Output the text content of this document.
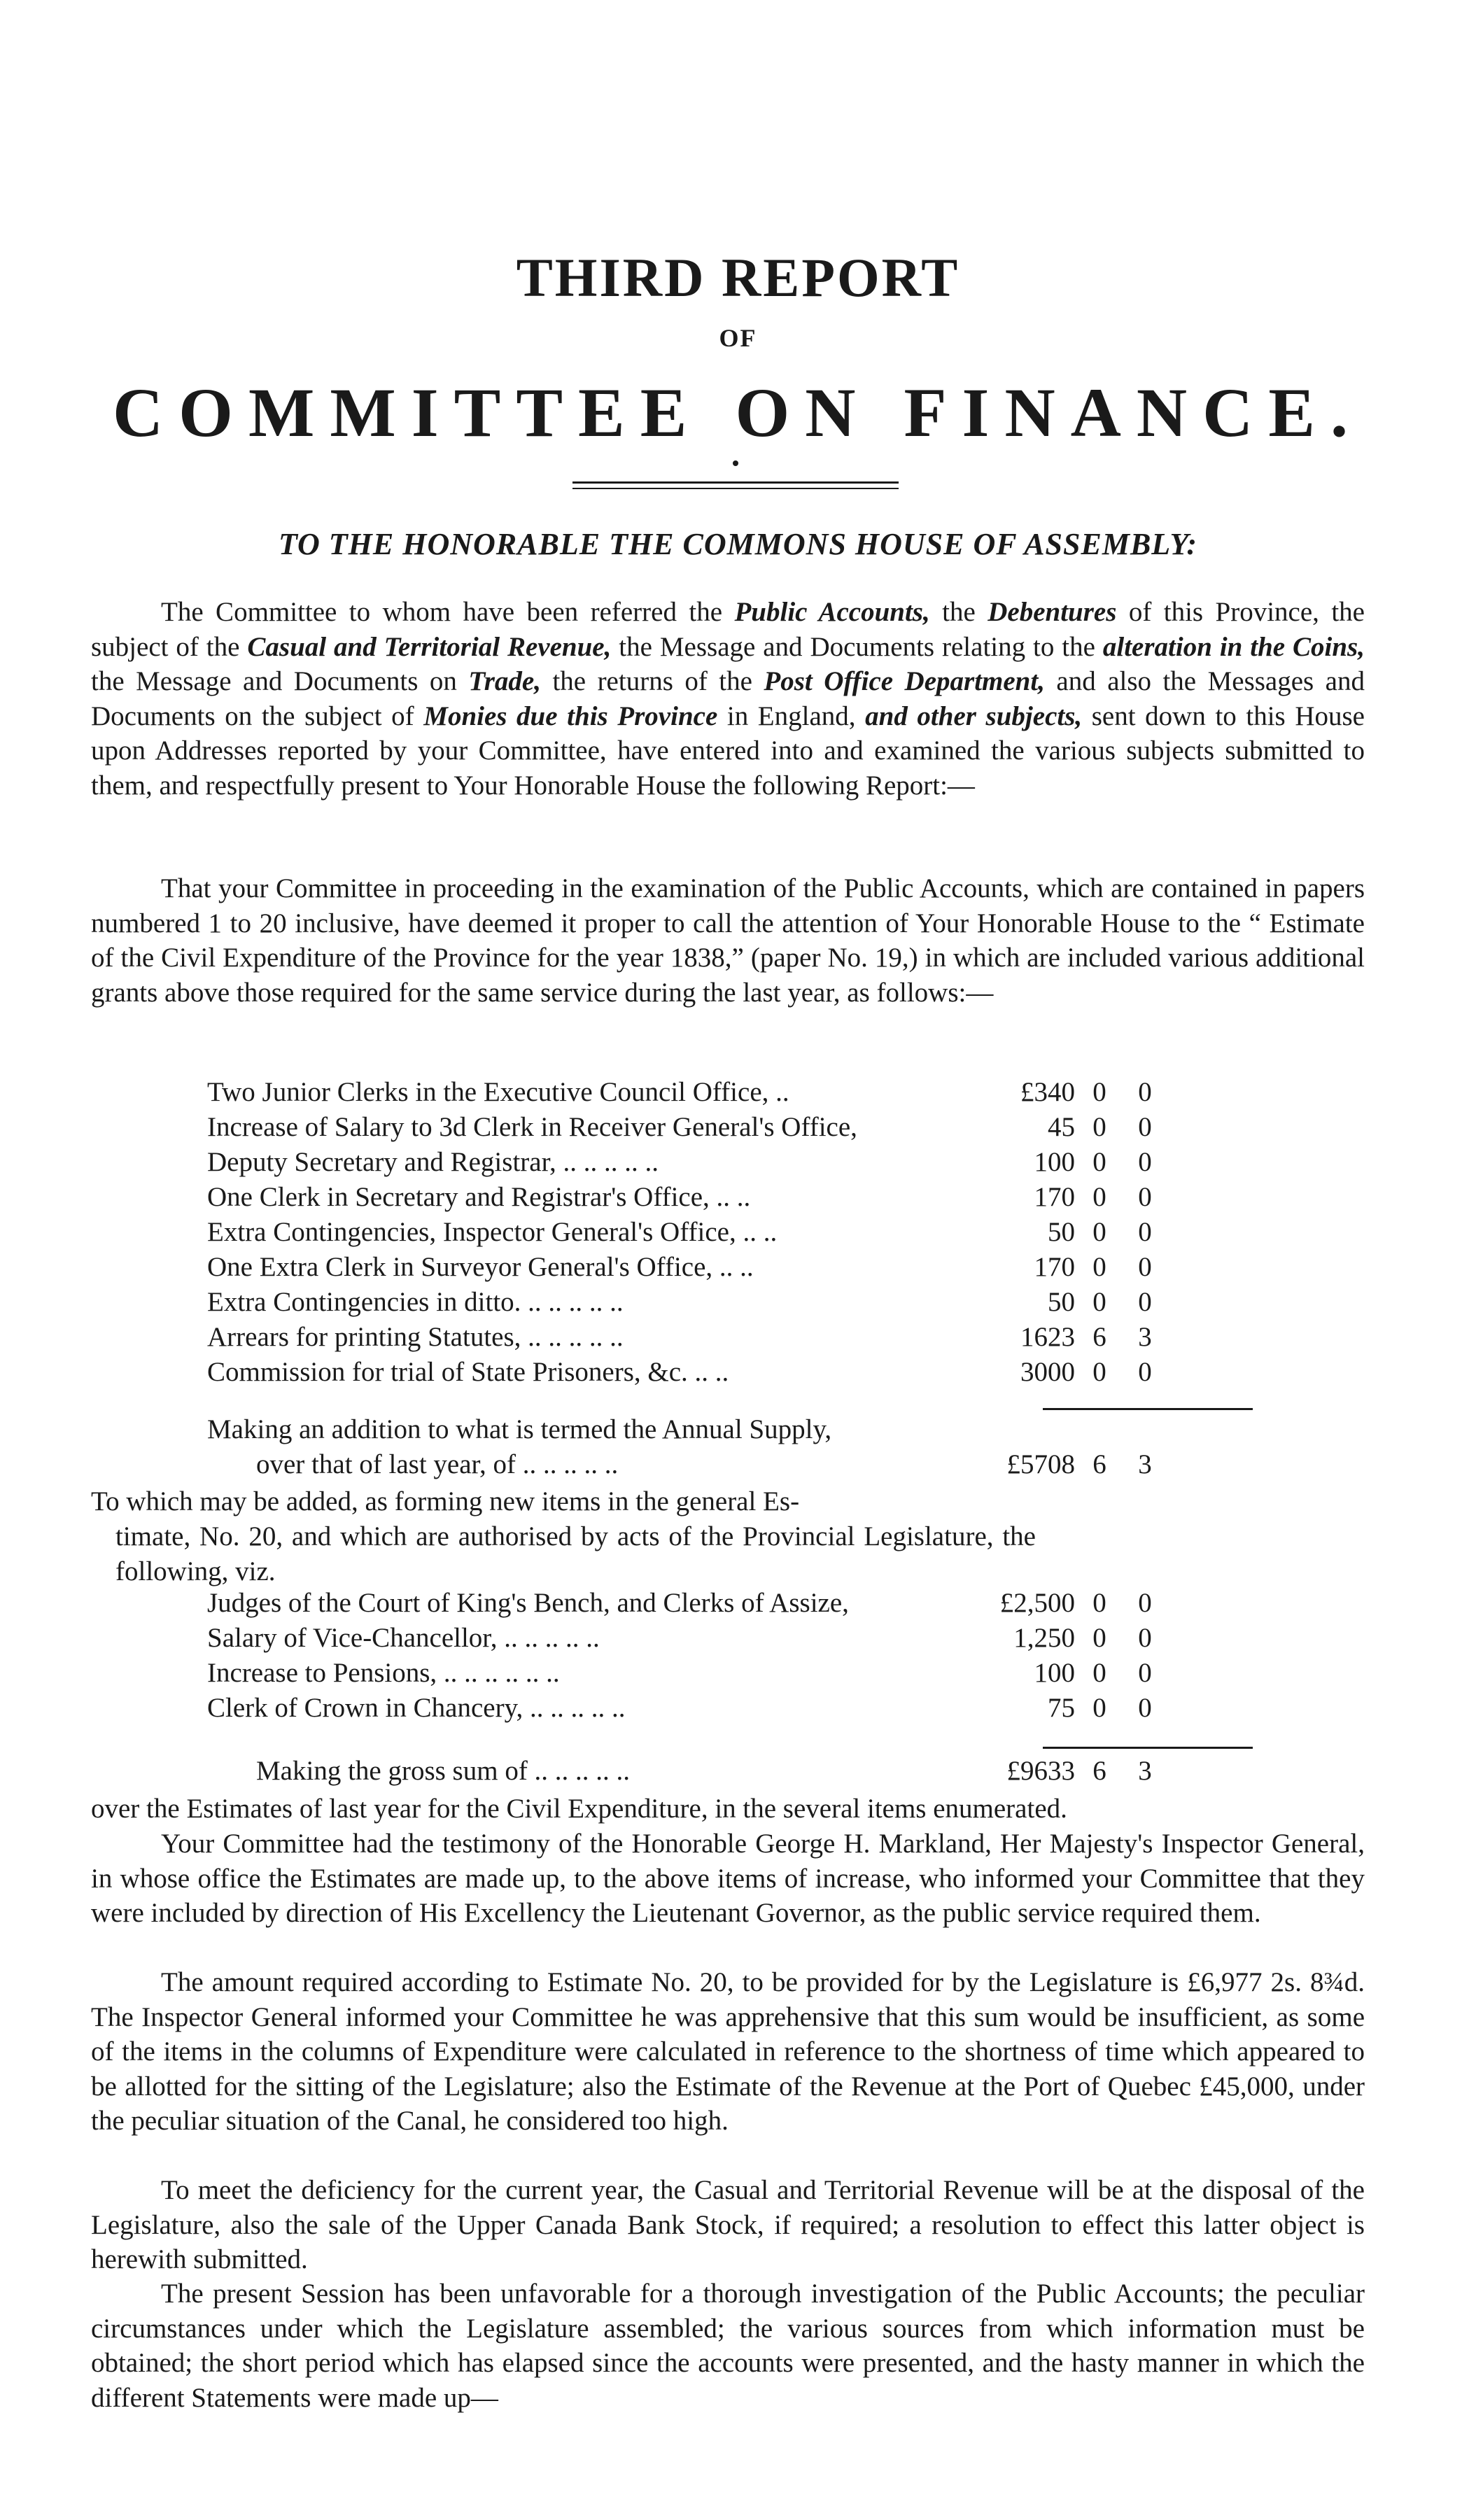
THIRD REPORT
OF
COMMITTEE ON FINANCE.
TO THE HONORABLE THE COMMONS HOUSE OF ASSEMBLY:
The Committee to whom have been referred the Public Accounts, the Debentures of this Province, the subject of the Casual and Territorial Revenue, the Message and Documents relating to the alteration in the Coins, the Message and Documents on Trade, the returns of the Post Office Department, and also the Messages and Documents on the subject of Monies due this Province in England, and other subjects, sent down to this House upon Addresses reported by your Committee, have entered into and examined the various subjects submitted to them, and respectfully present to Your Honorable House the following Report:—
That your Committee in proceeding in the examination of the Public Accounts, which are contained in papers numbered 1 to 20 inclusive, have deemed it proper to call the attention of Your Honorable House to the “ Estimate of the Civil Expenditure of the Province for the year 1838,” (paper No. 19,) in which are included various additional grants above those required for the same service during the last year, as follows:—
Two Junior Clerks in the Executive Council Office, ..	£340 0 0
Increase of Salary to 3d Clerk in Receiver General's Office,	45 0 0
Deputy Secretary and Registrar, .. .. .. .. ..	100 0 0
One Clerk in Secretary and Registrar's Office, .. ..	170 0 0
Extra Contingencies, Inspector General's Office, .. ..	50 0 0
One Extra Clerk in Surveyor General's Office, .. ..	170 0 0
Extra Contingencies in ditto. .. .. .. .. ..	50 0 0
Arrears for printing Statutes, .. .. .. .. ..	1623 6 3
Commission for trial of State Prisoners, &c. .. ..	3000 0 0
Making an addition to what is termed the Annual Supply,
over that of last year, of .. .. .. .. ..	£5708 6 3
To which may be added, as forming new items in the general Es-
timate, No. 20, and which are authorised by acts of the Provincial Legislature, the following, viz.
Judges of the Court of King's Bench, and Clerks of Assize,	£2,500 0 0
Salary of Vice-Chancellor, .. .. .. .. ..	1,250 0 0
Increase to Pensions, .. .. .. .. .. ..	100 0 0
Clerk of Crown in Chancery, .. .. .. .. ..	75 0 0
Making the gross sum of .. .. .. .. ..	£9633 6 3
over the Estimates of last year for the Civil Expenditure, in the several items enumerated.
Your Committee had the testimony of the Honorable George H. Markland, Her Majesty's Inspector General, in whose office the Estimates are made up, to the above items of increase, who informed your Committee that they were included by direction of His Excellency the Lieutenant Governor, as the public service required them.
The amount required according to Estimate No. 20, to be provided for by the Legislature is £6,977 2s. 8¾d. The Inspector General informed your Committee he was apprehensive that this sum would be insufficient, as some of the items in the columns of Expenditure were calculated in reference to the shortness of time which appeared to be allotted for the sitting of the Legislature; also the Estimate of the Revenue at the Port of Quebec £45,000, under the peculiar situation of the Canal, he considered too high.
To meet the deficiency for the current year, the Casual and Territorial Revenue will be at the disposal of the Legislature, also the sale of the Upper Canada Bank Stock, if required; a resolution to effect this latter object is herewith submitted.
The present Session has been unfavorable for a thorough investigation of the Public Accounts; the peculiar circumstances under which the Legislature assembled; the various sources from which information must be obtained; the short period which has elapsed since the accounts were presented, and the hasty manner in which the different Statements were made up—
